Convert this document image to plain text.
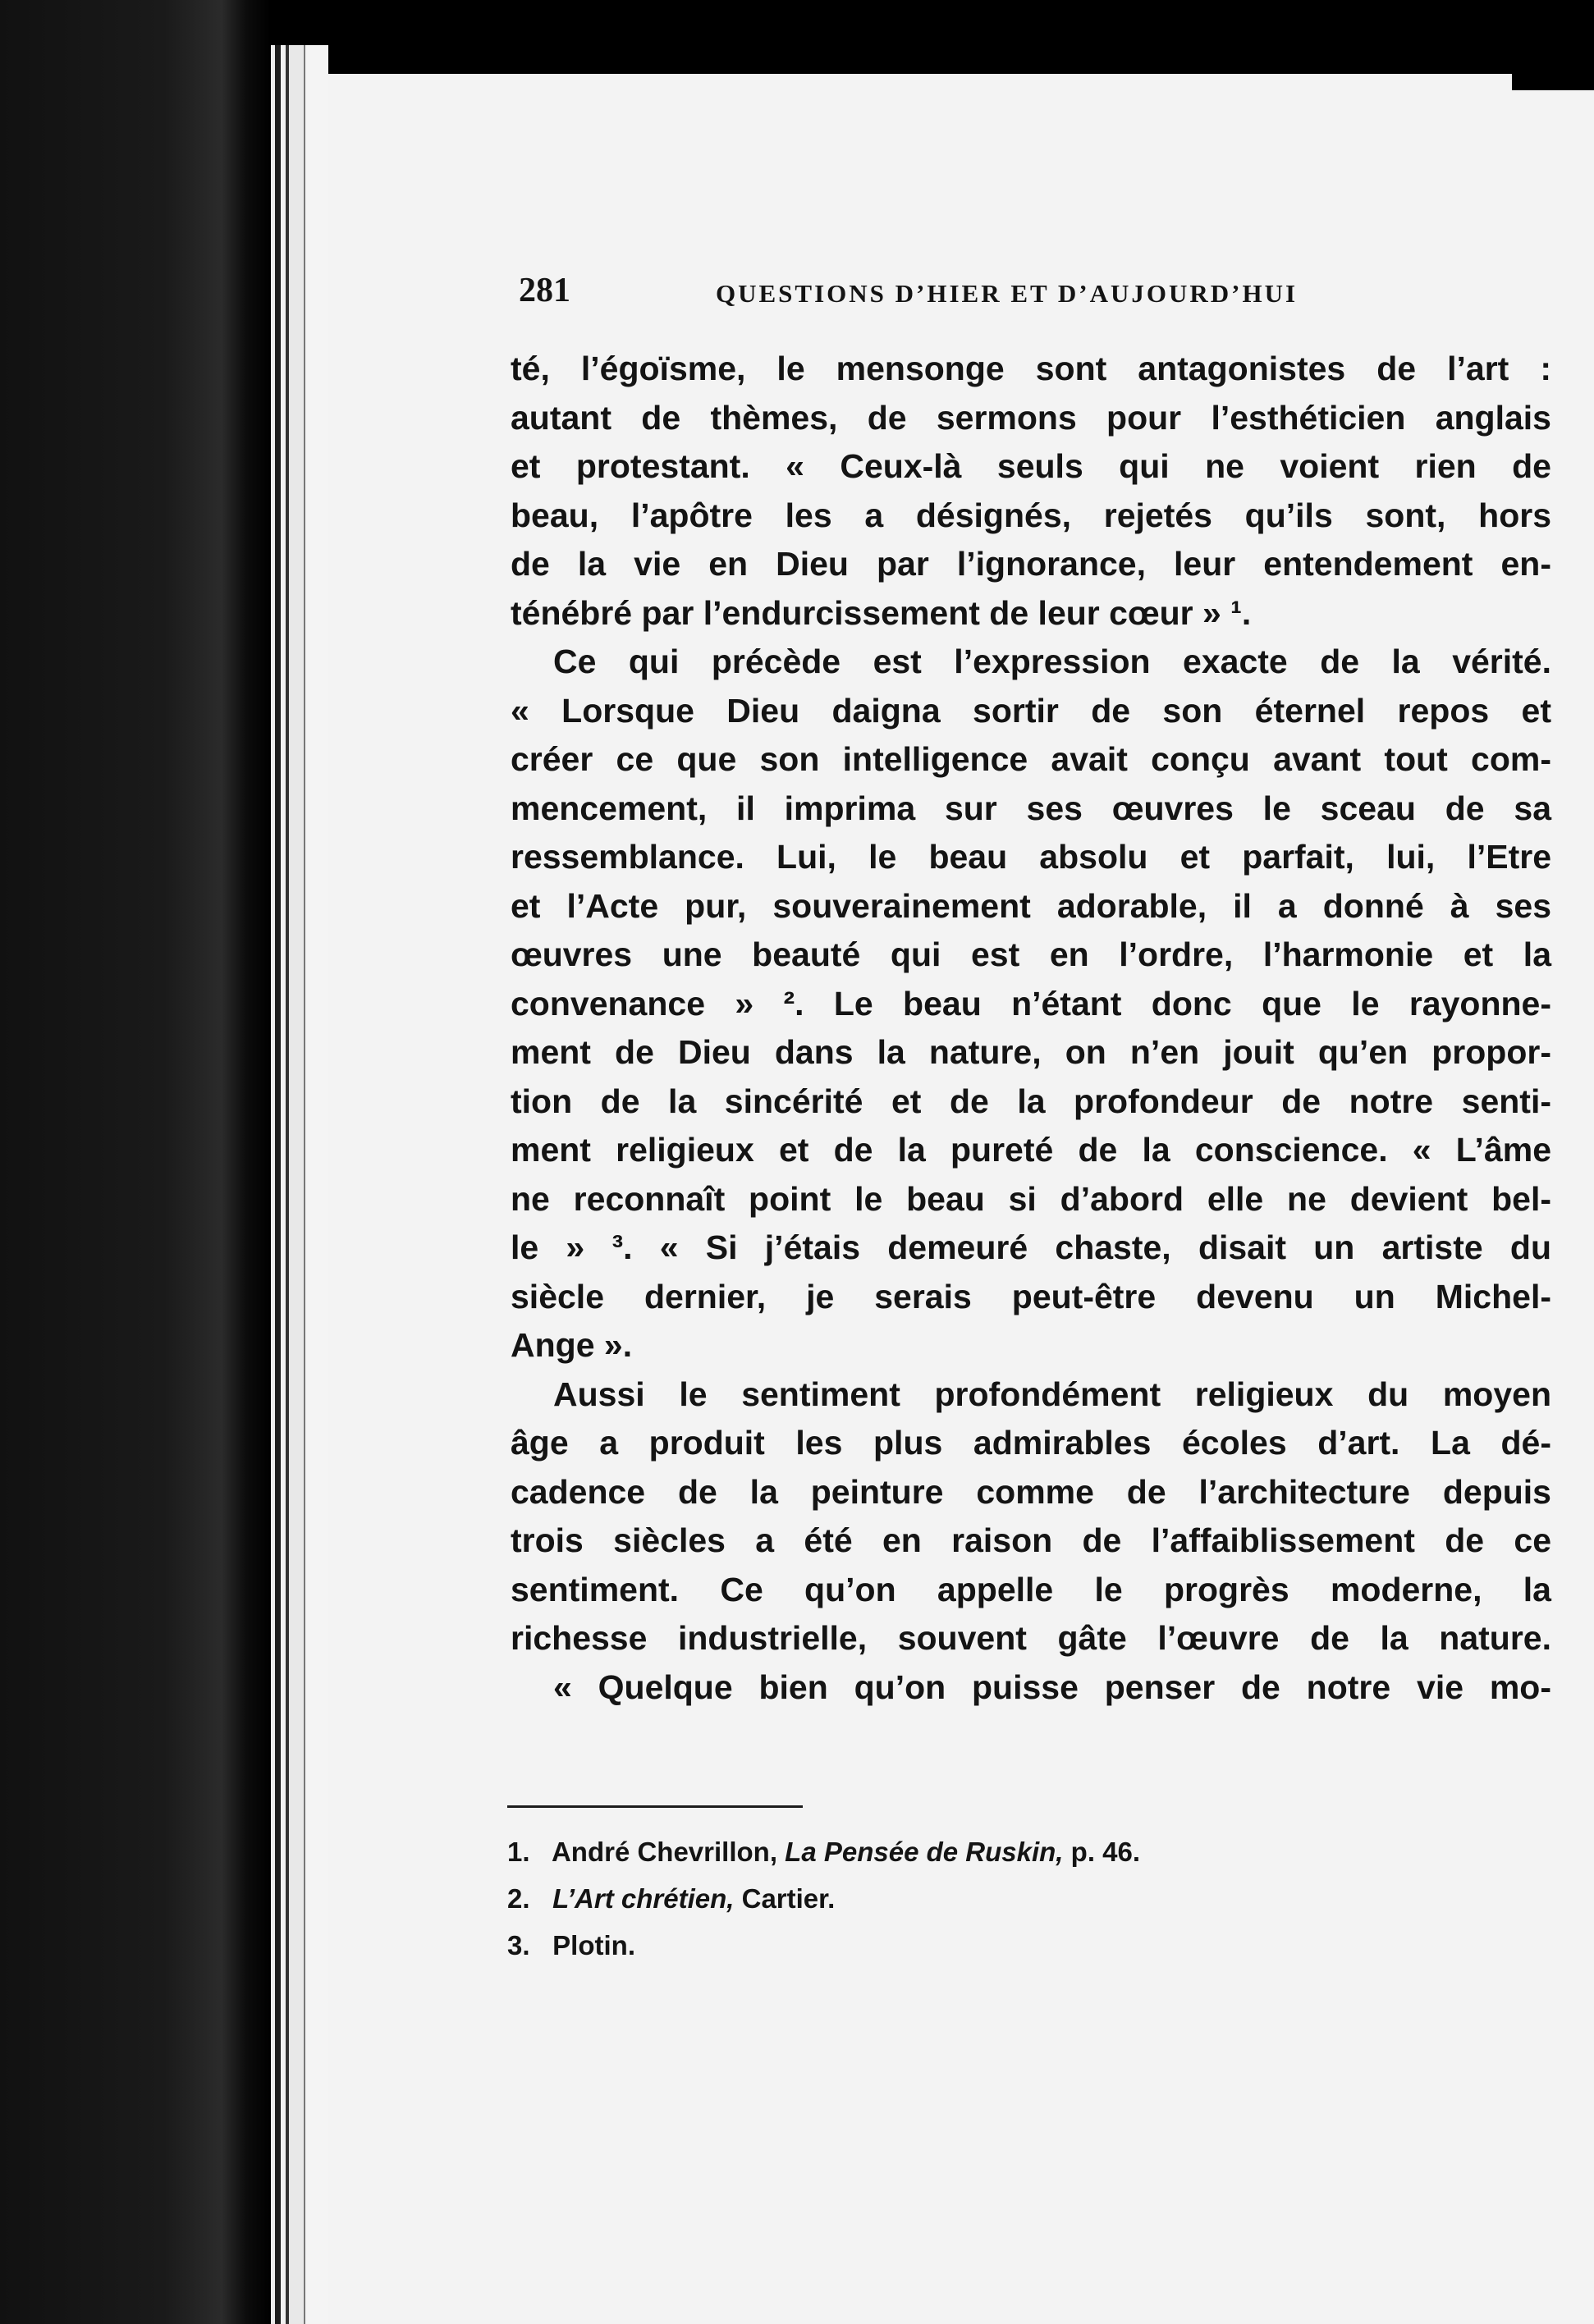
281	QUESTIONS D’HIER ET D’AUJOURD’HUI
té, l’égoïsme, le mensonge sont antagonistes de l’art :
autant de thèmes, de sermons pour l’esthéticien anglais
et protestant. « Ceux-là seuls qui ne voient rien de
beau, l’apôtre les a désignés, rejetés qu’ils sont, hors
de la vie en Dieu par l’ignorance, leur entendement en-
ténébré par l’endurcissement de leur cœur » ¹.
Ce qui précède est l’expression exacte de la vérité.
« Lorsque Dieu daigna sortir de son éternel repos et
créer ce que son intelligence avait conçu avant tout com-
mencement, il imprima sur ses œuvres le sceau de sa
ressemblance. Lui, le beau absolu et parfait, lui, l’Etre
et l’Acte pur, souverainement adorable, il a donné à ses
œuvres une beauté qui est en l’ordre, l’harmonie et la
convenance » ². Le beau n’étant donc que le rayonne-
ment de Dieu dans la nature, on n’en jouit qu’en propor-
tion de la sincérité et de la profondeur de notre senti-
ment religieux et de la pureté de la conscience. « L’âme
ne reconnaît point le beau si d’abord elle ne devient bel-
le » ³. « Si j’étais demeuré chaste, disait un artiste du
siècle dernier, je serais peut-être devenu un Michel-
Ange ».
Aussi le sentiment profondément religieux du moyen
âge a produit les plus admirables écoles d’art. La dé-
cadence de la peinture comme de l’architecture depuis
trois siècles a été en raison de l’affaiblissement de ce
sentiment. Ce qu’on appelle le progrès moderne, la
richesse industrielle, souvent gâte l’œuvre de la nature.
« Quelque bien qu’on puisse penser de notre vie mo-
1. André Chevrillon, La Pensée de Ruskin, p. 46.
2. L’Art chrétien, Cartier.
3. Plotin.
